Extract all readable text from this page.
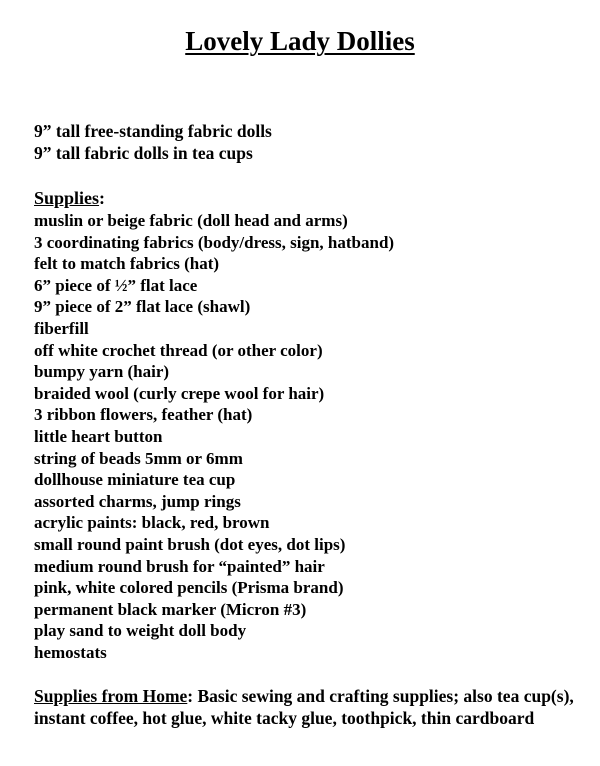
Lovely Lady Dollies
9” tall free-standing fabric dolls
9” tall fabric dolls in tea cups

Supplies:

muslin or beige fabric (doll head and arms)
3 coordinating fabrics (body/dress, sign, hatband)
felt to match fabrics (hat)
6” piece of ½” flat lace
9” piece of 2” flat lace (shawl)
fiberfill
off white crochet thread (or other color)
bumpy yarn (hair)
braided wool (curly crepe wool for hair)
3 ribbon flowers, feather (hat)
little heart button
string of beads 5mm or 6mm
dollhouse miniature tea cup
assorted charms, jump rings
acrylic paints: black, red, brown
small round paint brush (dot eyes, dot lips)
medium round brush for “painted” hair
pink, white colored pencils (Prisma brand)
permanent black marker (Micron #3)
play sand to weight doll body
hemostats

Supplies from Home: Basic sewing and crafting supplies; also tea cup(s), instant coffee, hot glue, white tacky glue, toothpick, thin cardboard
